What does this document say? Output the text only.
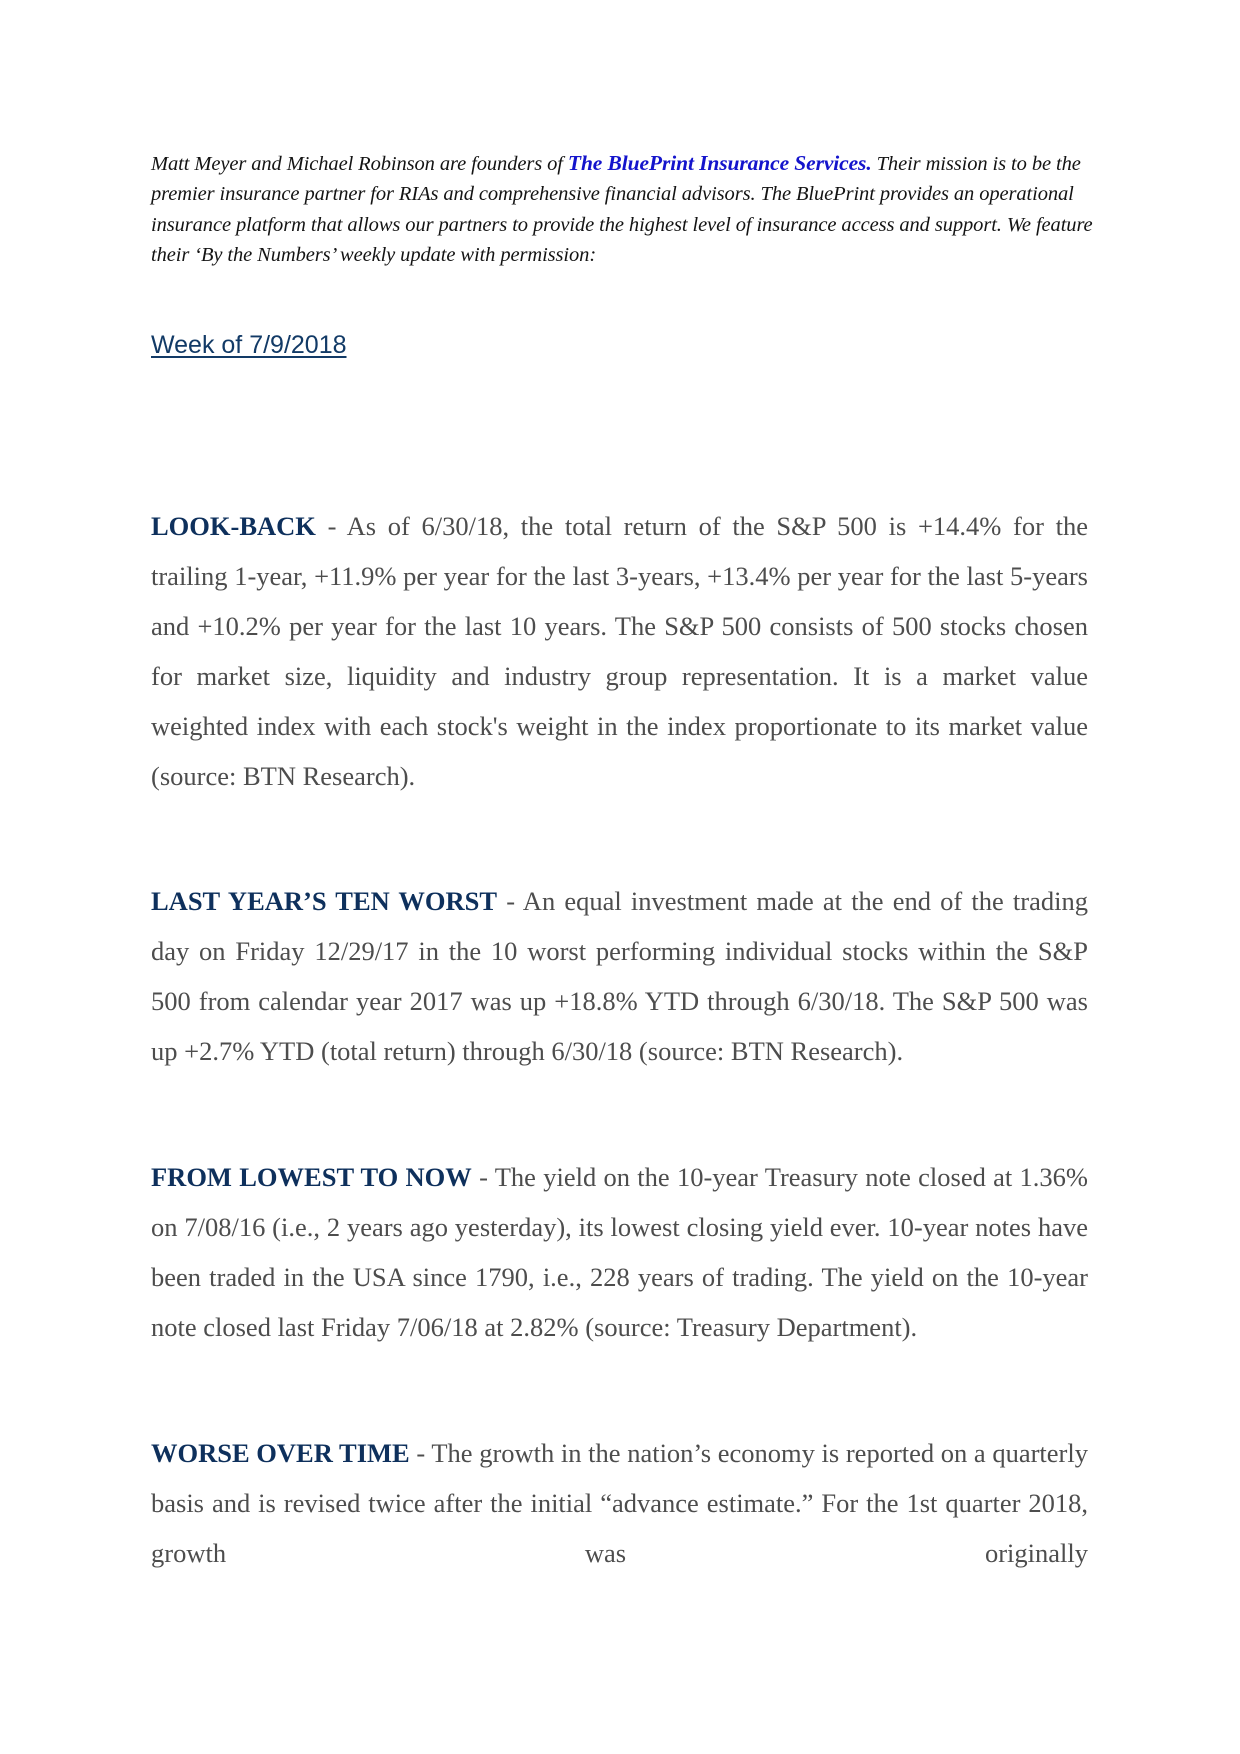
Matt Meyer and Michael Robinson are founders of The BluePrint Insurance Services. Their mission is to be the premier insurance partner for RIAs and comprehensive financial advisors. The BluePrint provides an operational insurance platform that allows our partners to provide the highest level of insurance access and support. We feature their ‘By the Numbers’ weekly update with permission:

Week of 7/9/2018

LOOK-BACK - As of 6/30/18, the total return of the S&P 500 is +14.4% for the trailing 1-year, +11.9% per year for the last 3-years, +13.4% per year for the last 5-years and +10.2% per year for the last 10 years. The S&P 500 consists of 500 stocks chosen for market size, liquidity and industry group representation. It is a market value weighted index with each stock's weight in the index proportionate to its market value (source: BTN Research).

LAST YEAR’S TEN WORST - An equal investment made at the end of the trading day on Friday 12/29/17 in the 10 worst performing individual stocks within the S&P 500 from calendar year 2017 was up +18.8% YTD through 6/30/18. The S&P 500 was up +2.7% YTD (total return) through 6/30/18 (source: BTN Research).

FROM LOWEST TO NOW - The yield on the 10-year Treasury note closed at 1.36% on 7/08/16 (i.e., 2 years ago yesterday), its lowest closing yield ever. 10-year notes have been traded in the USA since 1790, i.e., 228 years of trading. The yield on the 10-year note closed last Friday 7/06/18 at 2.82% (source: Treasury Department).

WORSE OVER TIME - The growth in the nation’s economy is reported on a quarterly basis and is revised twice after the initial “advance estimate.” For the 1st quarter 2018, growth was originally
